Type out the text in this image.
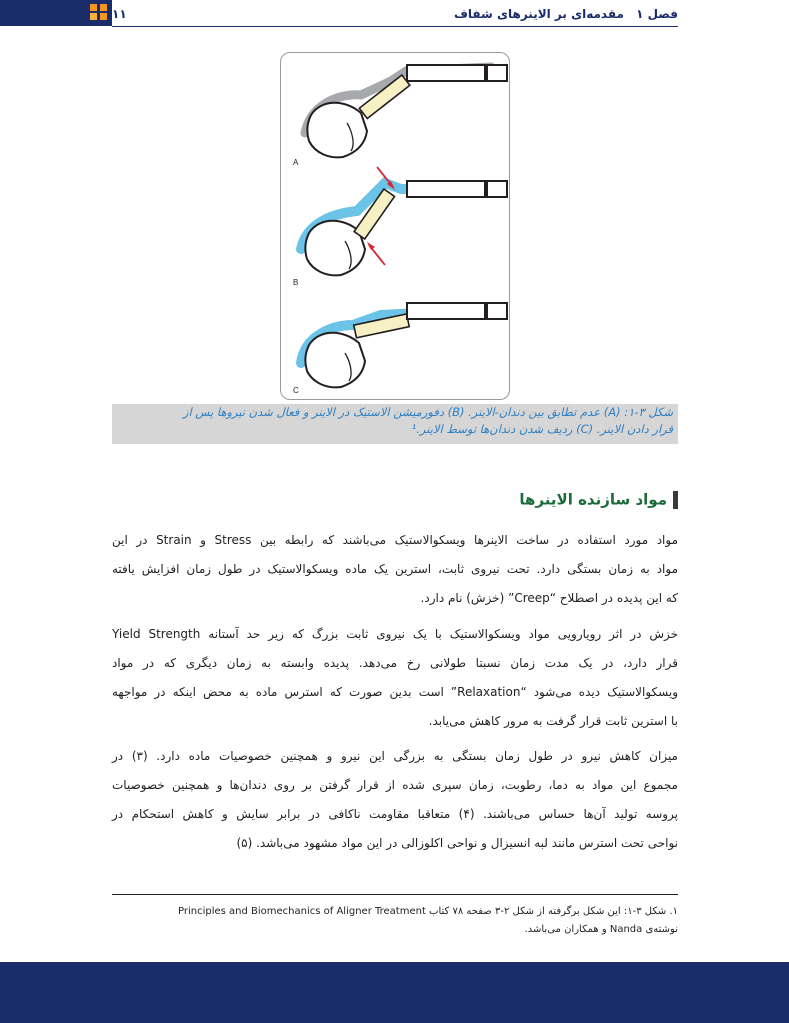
فصل ۱ مقدمه‌ای بر الاینرهای شفاف
۱۱
A
B
C
شکل ۳-۱: (A) عدم تطابق بین دندان-الاینر. (B) دفورمیشن الاستیک در الاینر و فعال شدن نیروها پس از
قرار دادن الاینر. (C) ردیف شدن دندان‌ها توسط الاینر.¹
مواد سازنده الاینرها
مواد مورد استفاده در ساخت الاینرها ویسکوالاستیک می‌باشند که رابطه بین Stress و Strain در این
مواد به زمان بستگی دارد. تحت نیروی ثابت، استرین یک ماده ویسکوالاستیک در طول زمان افزایش یافته
که این پدیده در اصطلاح “Creep” (خزش) نام دارد.
خزش در اثر رویارویی مواد ویسکوالاستیک با یک نیروی ثابت بزرگ که زیر حد آستانه Yield Strength
قرار دارد، در یک مدت زمان نسبتا طولانی رخ می‌دهد. پدیده وابسته به زمان دیگری که در مواد
ویسکوالاستیک دیده می‌شود “Relaxation” است بدین صورت که استرس ماده به محض اینکه در مواجهه
با استرین ثابت قرار گرفت به مرور کاهش می‌یابد.
میزان کاهش نیرو در طول زمان بستگی به بزرگی این نیرو و همچنین خصوصیات ماده دارد. (۳) در
مجموع این مواد به دما، رطوبت، زمان سپری شده از قرار گرفتن بر روی دندان‌ها و همچنین خصوصیات
پروسه تولید آن‌ها حساس می‌باشند. (۴) متعاقبا مقاومت ناکافی در برابر سایش و کاهش استحکام در
نواحی تحت استرس مانند لبه انسیزال و نواحی اکلوزالی در این مواد مشهود می‌باشد. (۵)
۱. شکل ۳-۱: این شکل برگرفته از شکل ۲-۳ صفحه ۷۸ کتاب Principles and Biomechanics of Aligner Treatment
نوشته‌ی Nanda و همکاران می‌باشد.
